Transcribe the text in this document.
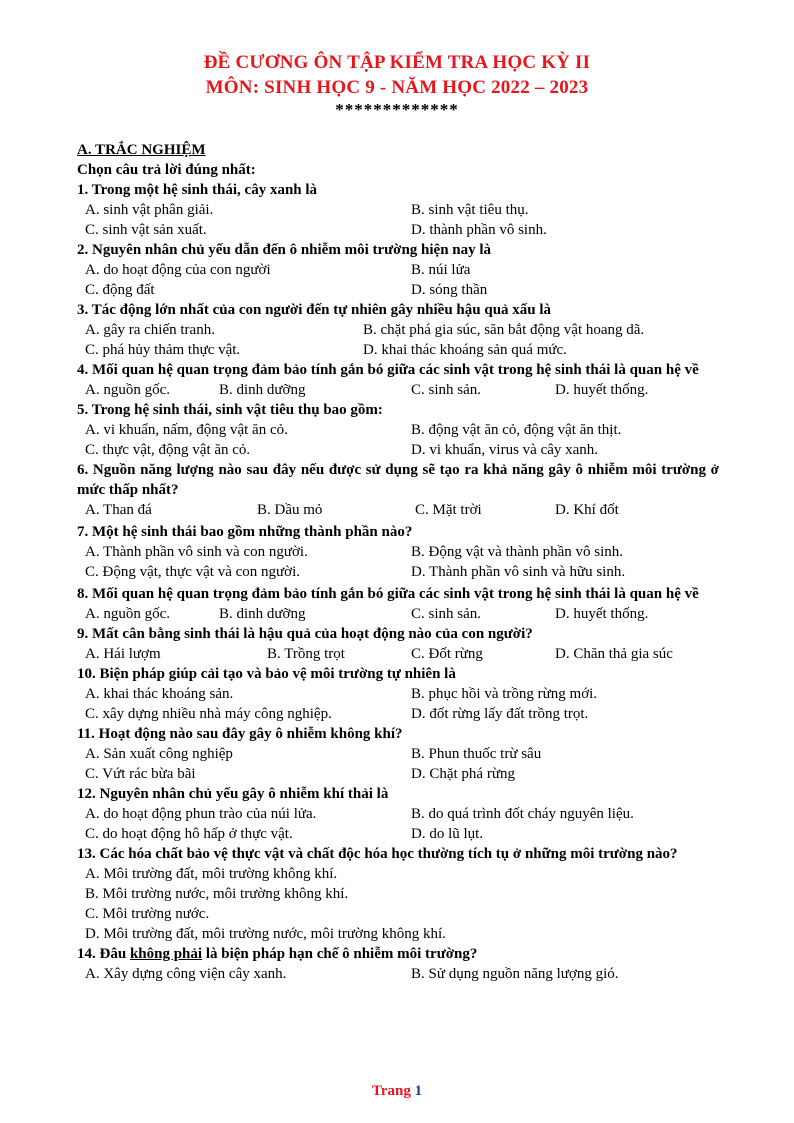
ĐỀ CƯƠNG ÔN TẬP KIỂM TRA HỌC KỲ II
MÔN: SINH HỌC 9 - NĂM HỌC 2022 – 2023
*************
A. TRẮC NGHIỆM
Chọn câu trả lời đúng nhất:
1. Trong một hệ sinh thái, cây xanh là
A. sinh vật phân giải.	B. sinh vật tiêu thụ.
C. sinh vật sản xuất.	D. thành phần vô sinh.
2. Nguyên nhân chủ yếu dẫn đến ô nhiễm môi trường hiện nay là
A. do hoạt động của con người	B. núi lửa
C. động đất	D. sóng thần
3. Tác động lớn nhất của con người đến tự nhiên gây nhiều hậu quả xấu là
A. gây ra chiến tranh.	B. chặt phá gia súc, săn bắt động vật hoang dã.
C. phá hủy thảm thực vật.	D. khai thác khoáng sản quá mức.
4. Mối quan hệ quan trọng đảm bảo tính gắn bó giữa các sinh vật trong hệ sinh thái là quan hệ về
A. nguồn gốc.	B. dinh dưỡng	C. sinh sản.	D. huyết thống.
5. Trong hệ sinh thái, sinh vật tiêu thụ bao gồm:
A. vi khuẩn, nấm, động vật ăn cỏ.	B. động vật ăn cỏ, động vật ăn thịt.
C. thực vật, động vật ăn cỏ.	D. vi khuẩn, virus và cây xanh.
6. Nguồn năng lượng nào sau đây nếu được sử dụng sẽ tạo ra khả năng gây ô nhiễm môi trường ở mức thấp nhất?
A. Than đá	B. Dầu mỏ	C. Mặt trời	D. Khí đốt
7. Một hệ sinh thái bao gồm những thành phần nào?
A. Thành phần vô sinh và con người.	B. Động vật và thành phần vô sinh.
C. Động vật, thực vật và con người.	D. Thành phần vô sinh và hữu sinh.
8. Mối quan hệ quan trọng đảm bảo tính gắn bó giữa các sinh vật trong hệ sinh thái là quan hệ về
A. nguồn gốc.	B. dinh dưỡng	C. sinh sản.	D. huyết thống.
9. Mất cân bằng sinh thái là hậu quả của hoạt động nào của con người?
A. Hái lượm	B. Trồng trọt	C. Đốt rừng	D. Chăn thả gia súc
10. Biện pháp giúp cải tạo và bảo vệ môi trường tự nhiên là
A. khai thác khoáng sản.	B. phục hồi và trồng rừng mới.
C. xây dựng nhiều nhà máy công nghiệp.	D. đốt rừng lấy đất trồng trọt.
11. Hoạt động nào sau đây gây ô nhiễm không khí?
A. Sản xuất công nghiệp	B. Phun thuốc trừ sâu
C. Vứt rác bừa bãi	D. Chặt phá rừng
12. Nguyên nhân chủ yếu gây ô nhiễm khí thải là
A. do hoạt động phun trào của núi lửa.	B. do quá trình đốt cháy nguyên liệu.
C. do hoạt động hô hấp ở thực vật.	D. do lũ lụt.
13. Các hóa chất bảo vệ thực vật và chất độc hóa học thường tích tụ ở những môi trường nào?
A. Môi trường đất, môi trường không khí.
B. Môi trường nước, môi trường không khí.
C. Môi trường nước.
D. Môi trường đất, môi trường nước, môi trường không khí.
14. Đâu không phải là biện pháp hạn chế ô nhiễm môi trường?
A. Xây dựng công viện cây xanh.	B. Sử dụng nguồn năng lượng gió.
Trang 1
